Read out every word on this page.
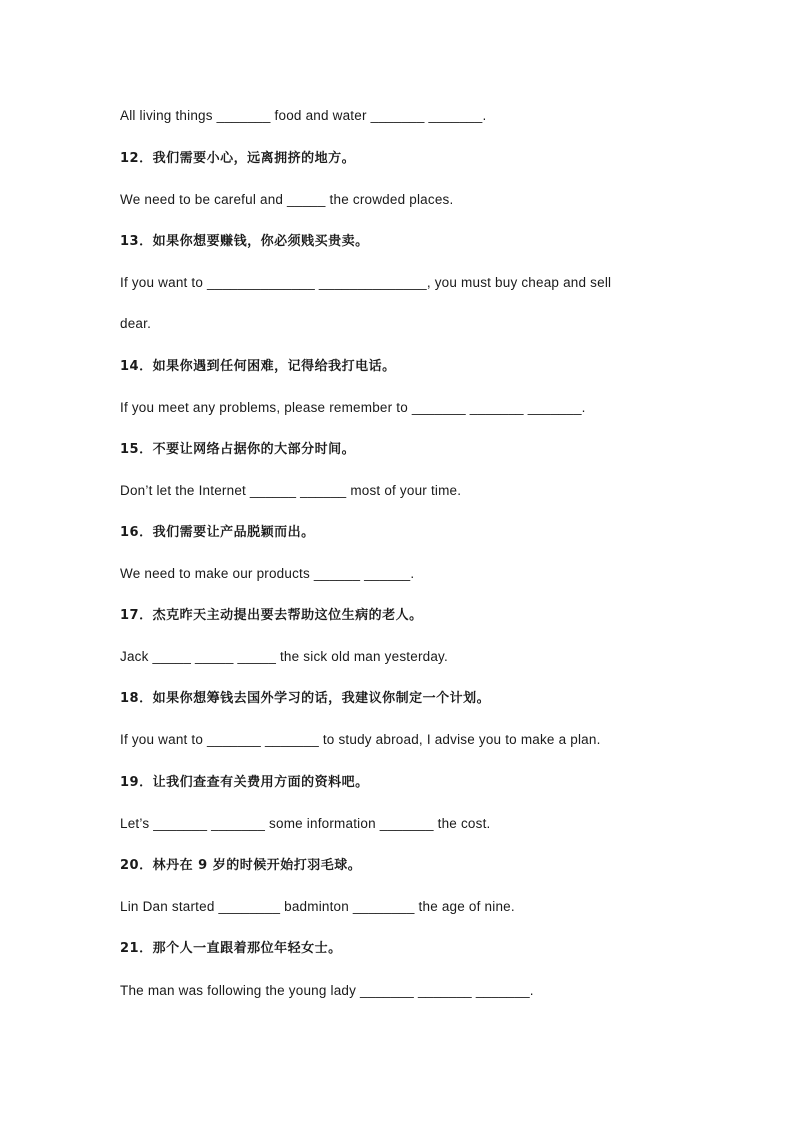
All living things _______ food and water _______ _______.
12．我们需要小心，远离拥挤的地方。
We need to be careful and _____ the crowded places.
13．如果你想要赚钱，你必须贱买贵卖。
If you want to ______________ ______________, you must buy cheap and sell
dear.
14．如果你遇到任何困难，记得给我打电话。
If you meet any problems, please remember to _______ _______ _______.
15．不要让网络占据你的大部分时间。
Don’t let the Internet ______ ______ most of your time.
16．我们需要让产品脱颖而出。
We need to make our products ______ ______.
17．杰克昨天主动提出要去帮助这位生病的老人。
Jack _____ _____ _____ the sick old man yesterday.
18．如果你想筹钱去国外学习的话，我建议你制定一个计划。
If you want to _______ _______ to study abroad, I advise you to make a plan.
19．让我们查查有关费用方面的资料吧。
Let’s _______ _______ some information _______ the cost.
20．林丹在 9 岁的时候开始打羽毛球。
Lin Dan started ________ badminton ________ the age of nine.
21．那个人一直跟着那位年轻女士。
The man was following the young lady _______ _______ _______.
